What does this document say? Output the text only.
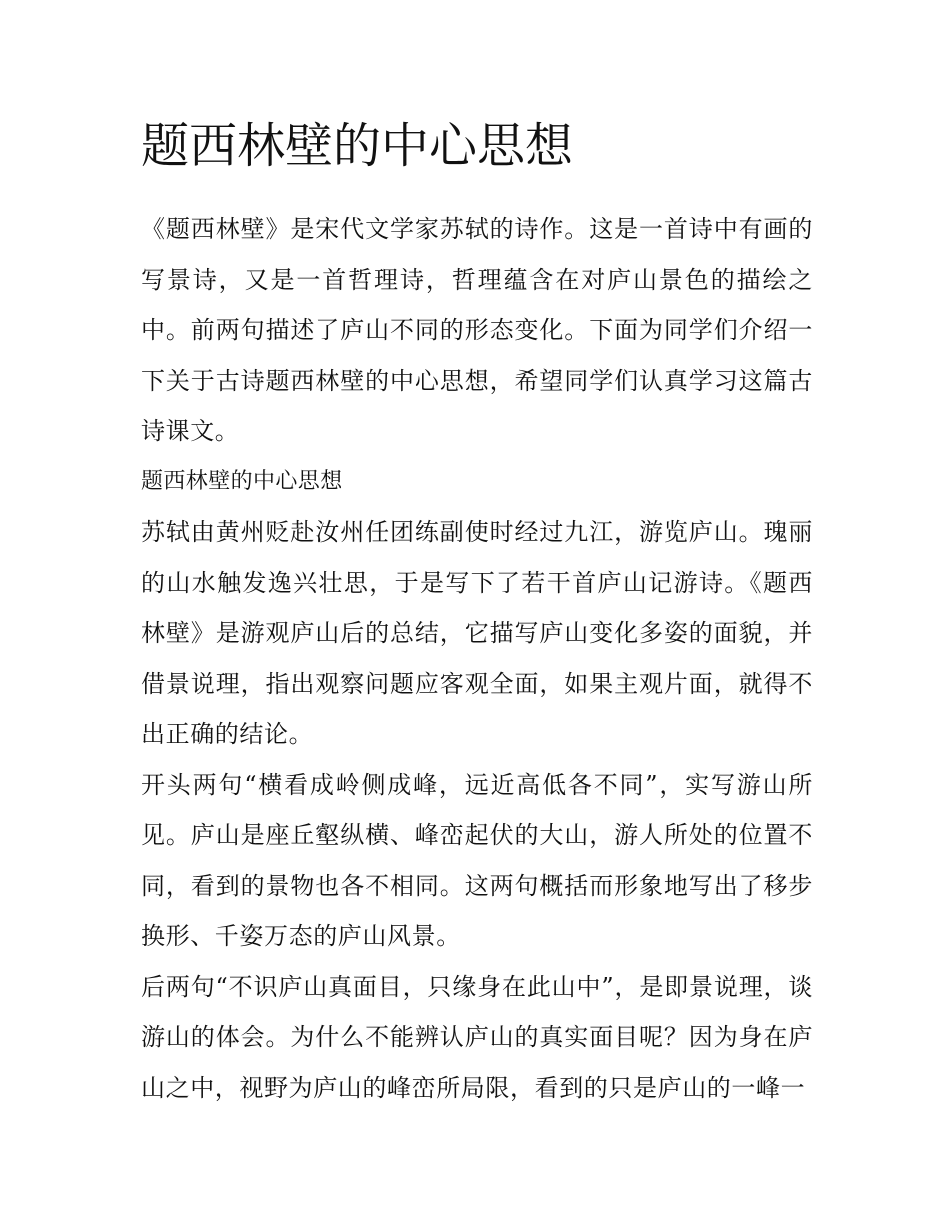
题西林壁的中心思想

《题西林壁》是宋代文学家苏轼的诗作。这是一首诗中有画的写景诗，又是一首哲理诗，哲理蕴含在对庐山景色的描绘之中。前两句描述了庐山不同的形态变化。下面为同学们介绍一下关于古诗题西林壁的中心思想，希望同学们认真学习这篇古诗课文。

题西林壁的中心思想

苏轼由黄州贬赴汝州任团练副使时经过九江，游览庐山。瑰丽的山水触发逸兴壮思，于是写下了若干首庐山记游诗。《题西林壁》是游观庐山后的总结，它描写庐山变化多姿的面貌，并借景说理，指出观察问题应客观全面，如果主观片面，就得不出正确的结论。

开头两句“横看成岭侧成峰，远近高低各不同”，实写游山所见。庐山是座丘壑纵横、峰峦起伏的大山，游人所处的位置不同，看到的景物也各不相同。这两句概括而形象地写出了移步换形、千姿万态的庐山风景。

后两句“不识庐山真面目，只缘身在此山中”，是即景说理，谈游山的体会。为什么不能辨认庐山的真实面目呢？因为身在庐山之中，视野为庐山的峰峦所局限，看到的只是庐山的一峰一
